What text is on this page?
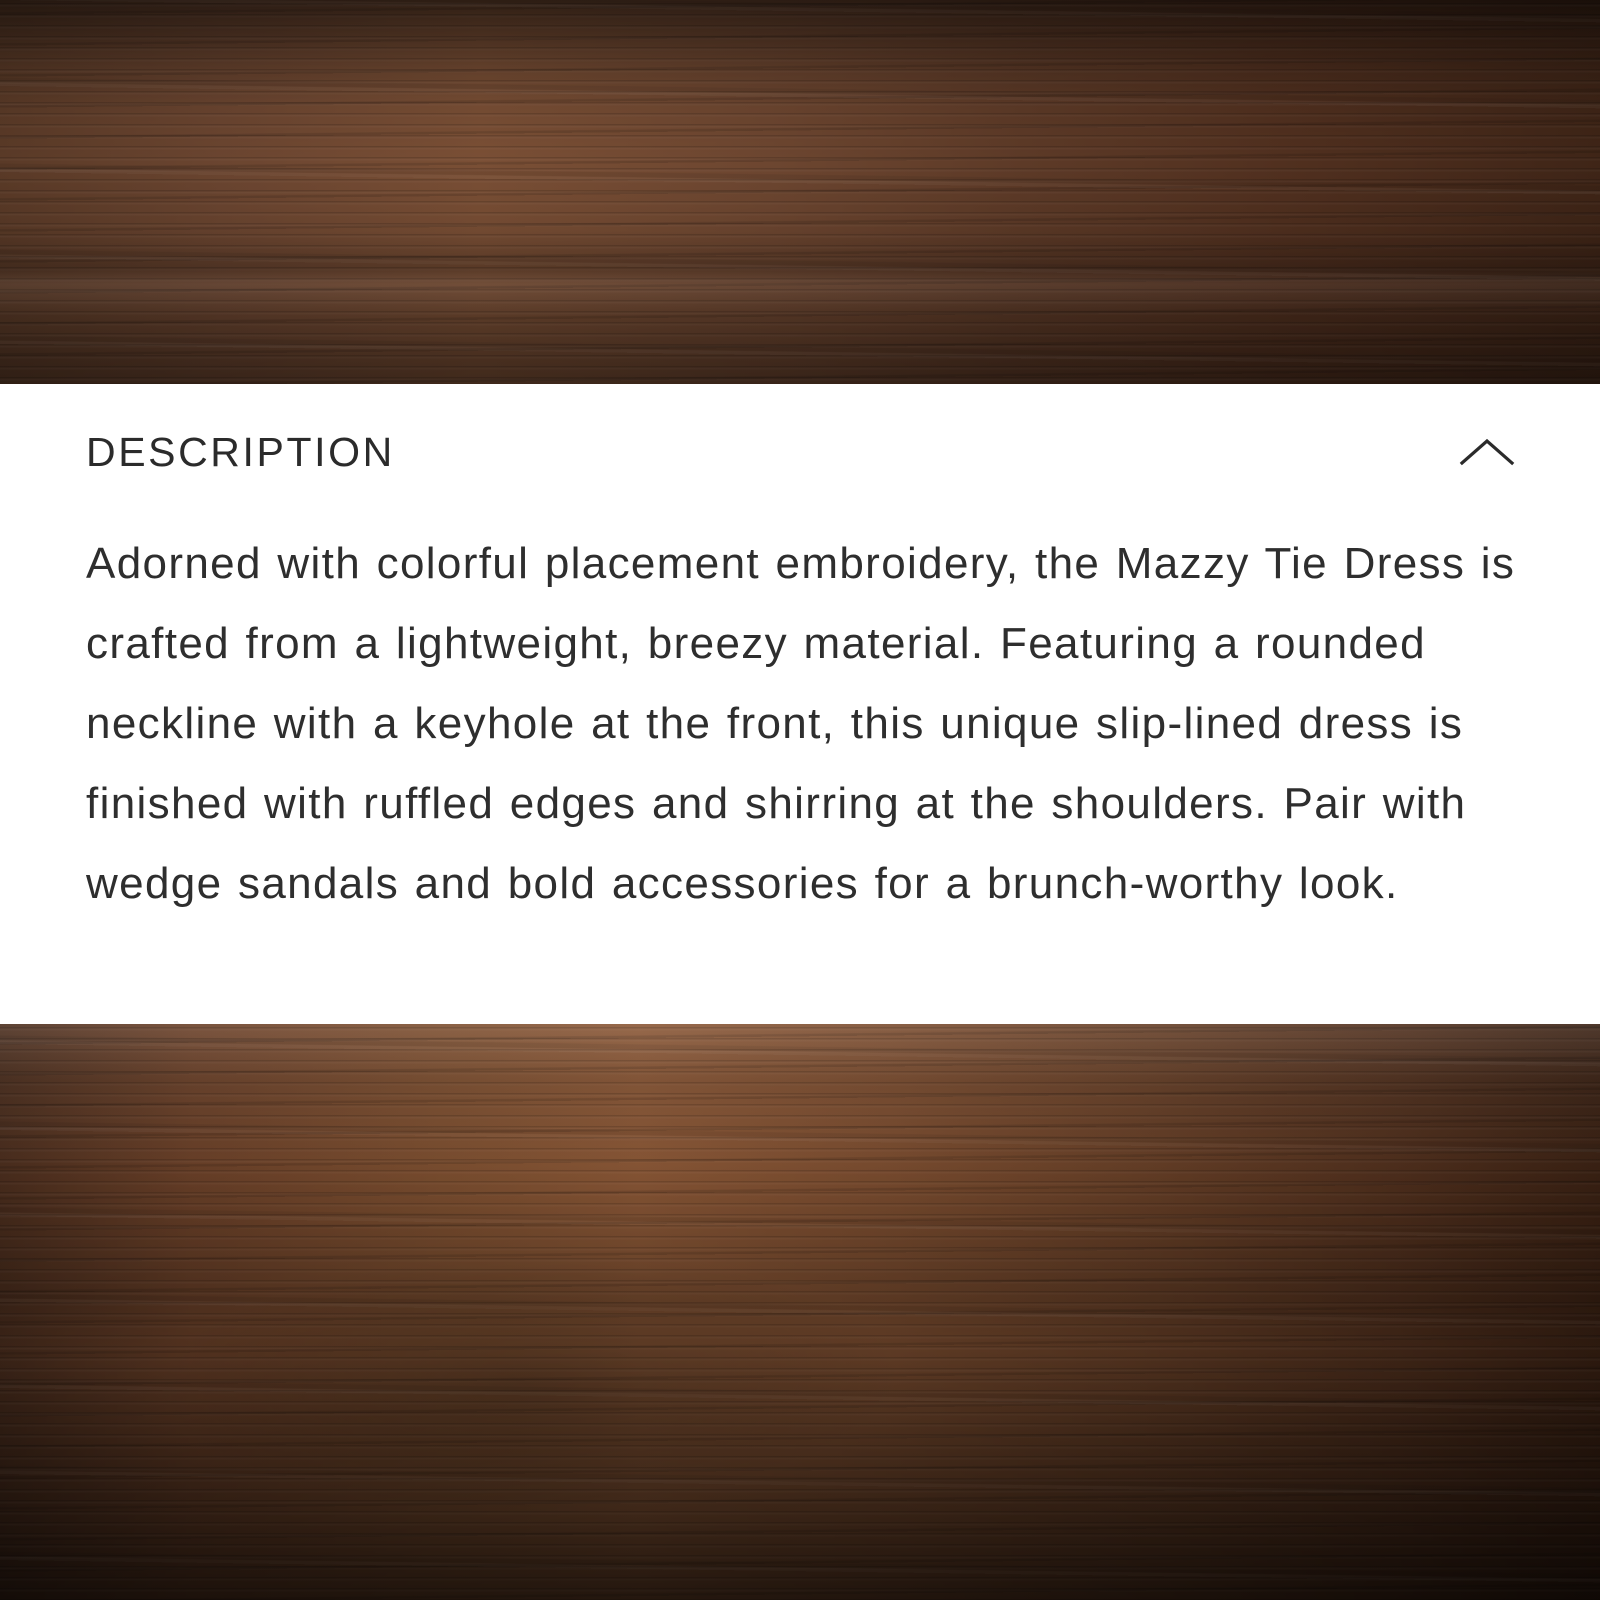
DESCRIPTION

Adorned with colorful placement embroidery, the Mazzy Tie Dress is crafted from a lightweight, breezy material. Featuring a rounded neckline with a keyhole at the front, this unique slip-lined dress is finished with ruffled edges and shirring at the shoulders. Pair with wedge sandals and bold accessories for a brunch-worthy look.
